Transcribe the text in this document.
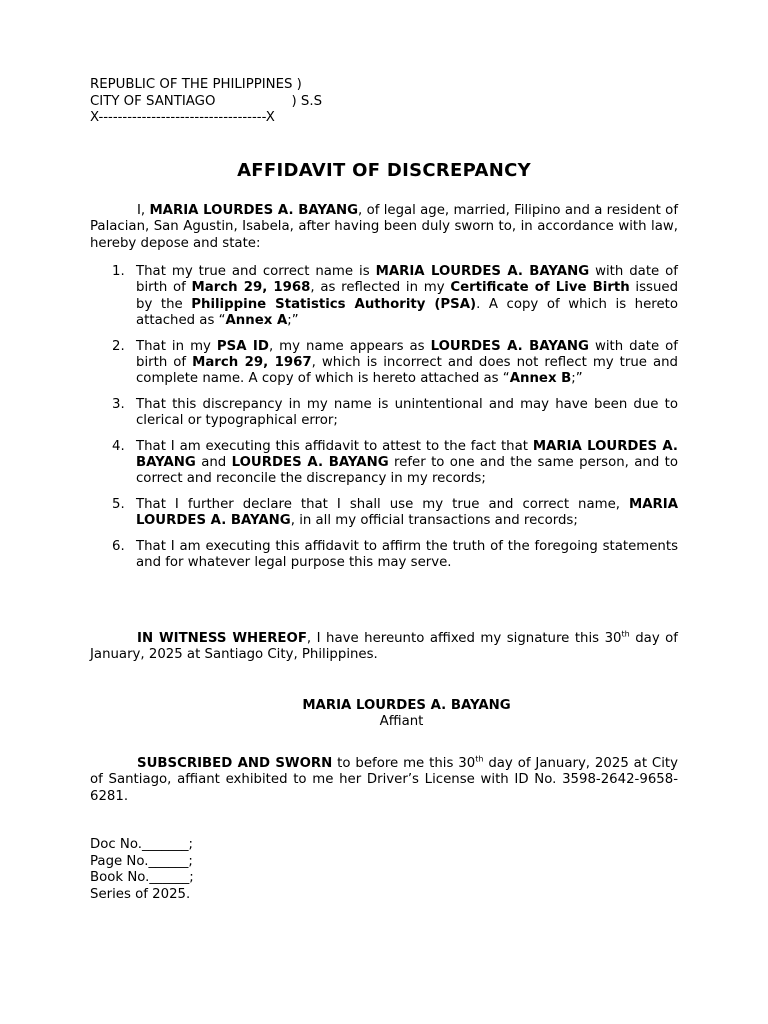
REPUBLIC OF THE PHILIPPINES )
CITY OF SANTIAGO                  ) S.S
X-----------------------------------X
AFFIDAVIT OF DISCREPANCY
I, MARIA LOURDES A. BAYANG, of legal age, married, Filipino and a resident of Palacian, San Agustin, Isabela, after having been duly sworn to, in accordance with law, hereby depose and state:
1. That my true and correct name is MARIA LOURDES A. BAYANG with date of birth of March 29, 1968, as reflected in my Certificate of Live Birth issued by the Philippine Statistics Authority (PSA). A copy of which is hereto attached as “Annex A;”
2. That in my PSA ID, my name appears as LOURDES A. BAYANG with date of birth of March 29, 1967, which is incorrect and does not reflect my true and complete name. A copy of which is hereto attached as “Annex B;”
3. That this discrepancy in my name is unintentional and may have been due to clerical or typographical error;
4. That I am executing this affidavit to attest to the fact that MARIA LOURDES A. BAYANG and LOURDES A. BAYANG refer to one and the same person, and to correct and reconcile the discrepancy in my records;
5. That I further declare that I shall use my true and correct name, MARIA LOURDES A. BAYANG, in all my official transactions and records;
6. That I am executing this affidavit to affirm the truth of the foregoing statements and for whatever legal purpose this may serve.
IN WITNESS WHEREOF, I have hereunto affixed my signature this 30th day of January, 2025 at Santiago City, Philippines.
MARIA LOURDES A. BAYANG
Affiant
SUBSCRIBED AND SWORN to before me this 30th day of January, 2025 at City of Santiago, affiant exhibited to me her Driver’s License with ID No. 3598-2642-9658-6281.
Doc No._______;
Page No.______;
Book No.______;
Series of 2025.
